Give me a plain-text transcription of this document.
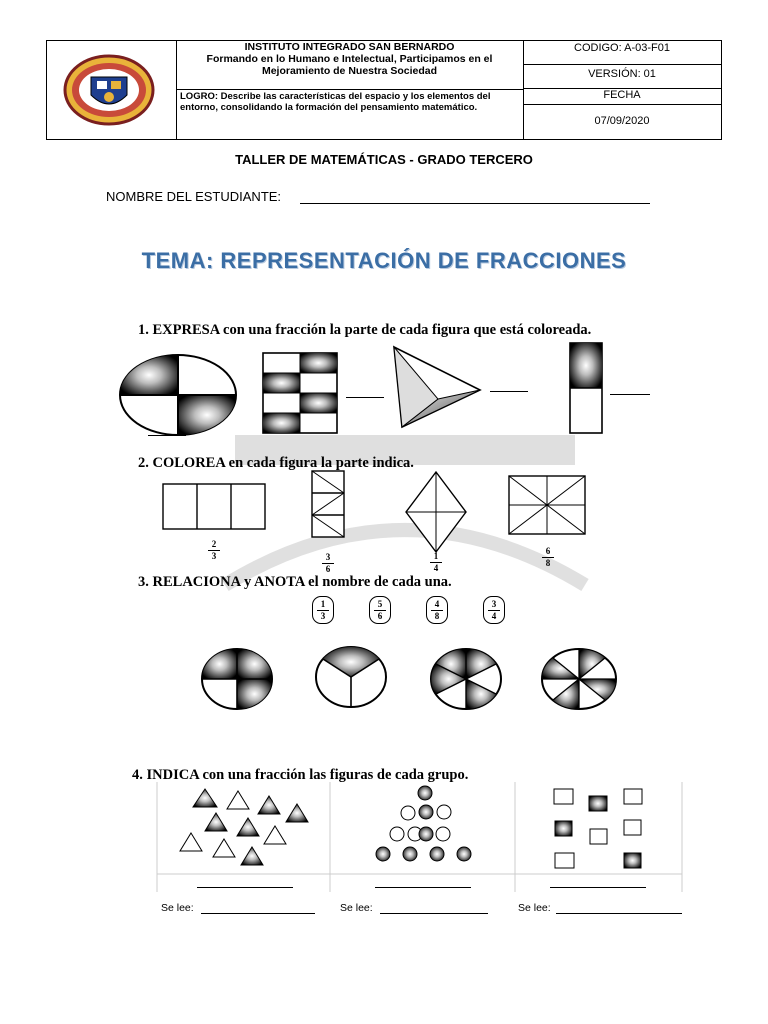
INSTITUTO INTEGRADO SAN BERNARDO
Formando en lo Humano e Intelectual, Participamos en el Mejoramiento de Nuestra Sociedad
LOGRO: Describe las características del espacio y los elementos del entorno, consolidando la formación del pensamiento matemático.
CODIGO: A-03-F01
VERSIÓN: 01
FECHA
07/09/2020
TALLER DE MATEMÁTICAS - GRADO TERCERO
NOMBRE DEL ESTUDIANTE:
TEMA: REPRESENTACIÓN DE FRACCIONES
1. EXPRESA con una fracción la parte de cada figura que está coloreada.
2. COLOREA en cada figura la parte indica.
2
3	3
6
1
4
6
8
3. RELACIONA y ANOTA el nombre de cada una.
1
3
5
6
4
8
3
4
4. INDICA con una fracción las figuras de cada grupo.
Se lee:	Se lee:	Se lee:
